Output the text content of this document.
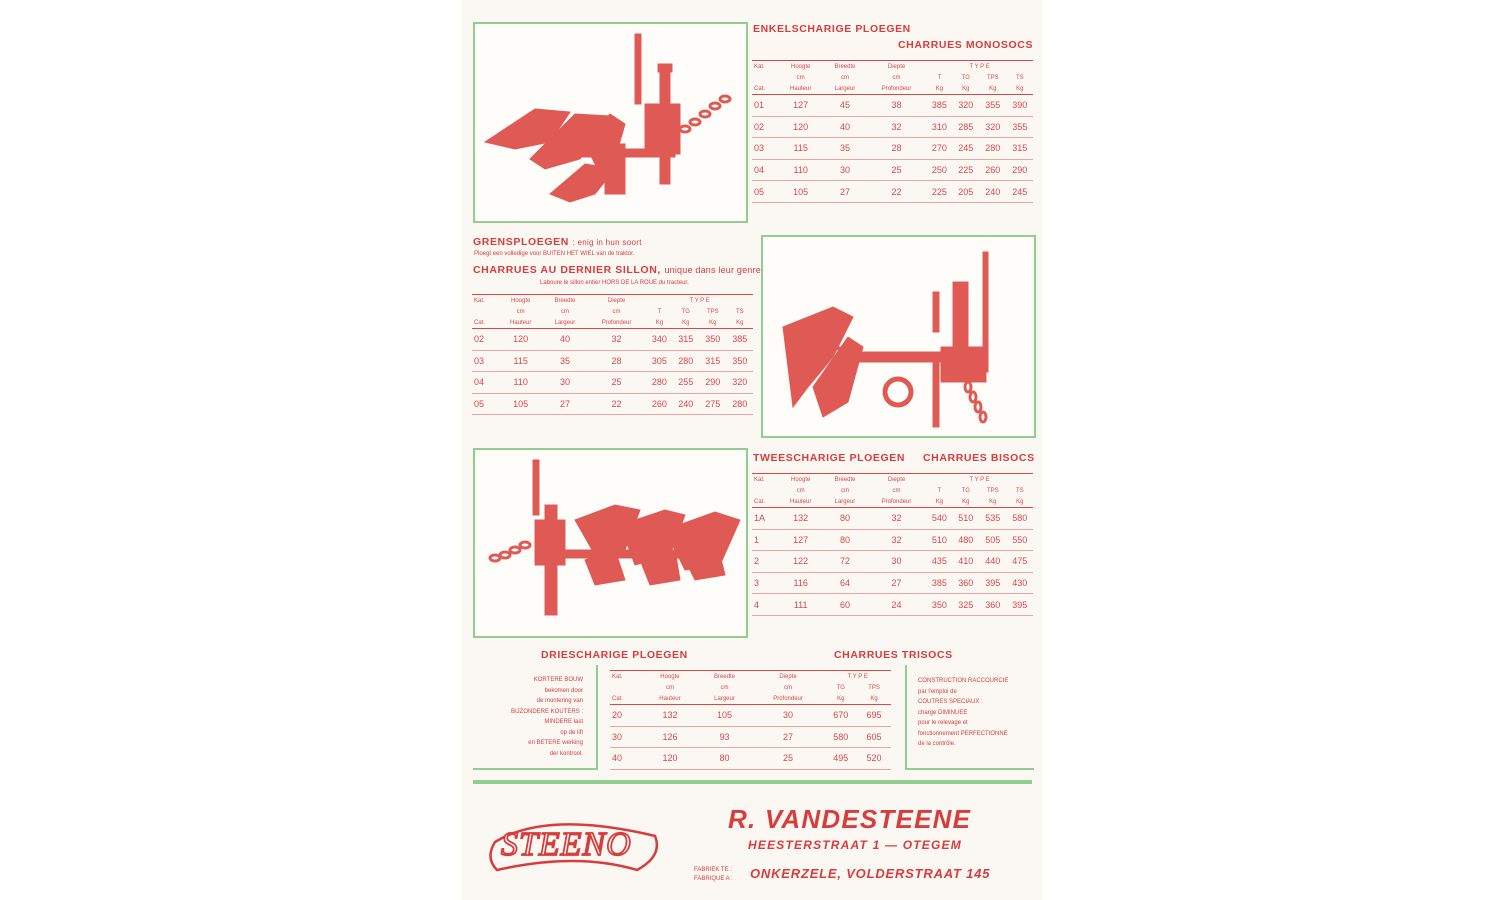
ENKELSCHARIGE PLOEGEN
CHARRUES MONOSOCS
Kat.	Hoogte	Breedte	Diepte	T Y P E			
	cm	cm	cm	T	TG	TPS	TS
Cat.	Hauteur	Largeur	Profondeur	Kg	Kg	Kg	Kg
01	127	45	38	385	320	355	390
02	120	40	32	310	285	320	355
03	115	35	28	270	245	280	315
04	110	30	25	250	225	260	290
05	105	27	22	225	205	240	245
GRENSPLOEGEN : enig in hun soort
Ploegt een volledige voor BUITEN HET WIEL van de traktor.
CHARRUES AU DERNIER SILLON, unique dans leur genre
Laboure le sillon entier HORS DE LA ROUE du tracteur.
Kat.	Hoogte	Breedte	Diepte	T Y P E			
	cm	cm	cm	T	TG	TPS	TS
Cat.	Hauteur	Largeur	Profondeur	Kg	Kg	Kg	Kg
02	120	40	32	340	315	350	385
03	115	35	28	305	280	315	350
04	110	30	25	280	255	290	320
05	105	27	22	260	240	275	280
TWEESCHARIGE PLOEGEN CHARRUES BISOCS
Kat.	Hoogte	Breedte	Diepte	T Y P E			
	cm	cm	cm	T	TG	TPS	TS
Cat.	Hauteur	Largeur	Profondeur	Kg	Kg	Kg	Kg
1A	132	80	32	540	510	535	580
1	127	80	32	510	480	505	550
2	122	72	30	435	410	440	475
3	116	64	27	385	360	395	430
4	111	60	24	350	325	360	395
DRIESCHARIGE PLOEGEN	CHARRUES TRISOCS
KORTERE BOUW
bekomen door
de montering van
BIJZONDERE KOUTERS :
MINDERE last
op de lift
en BETERE werking
der kontrool.
Kat.	Hoogte	Breedte	Diepte	T Y P E	
	cm	cm	cm	TG	TPS
Cat.	Hauteur	Largeur	Profondeur	Kg	Kg
20	132	105	30	670	695
30	126	93	27	580	605
40	120	80	25	495	520
CONSTRUCTION RACCOURCIE
par l'emploi de
COUTRES SPECIAUX :
charge DIMINUEE
pour le relevage et
fonctionnement PERFECTIONNE
de la contrôle.
STEENO
R. VANDESTEENE
HEESTERSTRAAT 1 — OTEGEM
FABRIEK TE :
FABRIQUE A : ONKERZELE, VOLDERSTRAAT 145
